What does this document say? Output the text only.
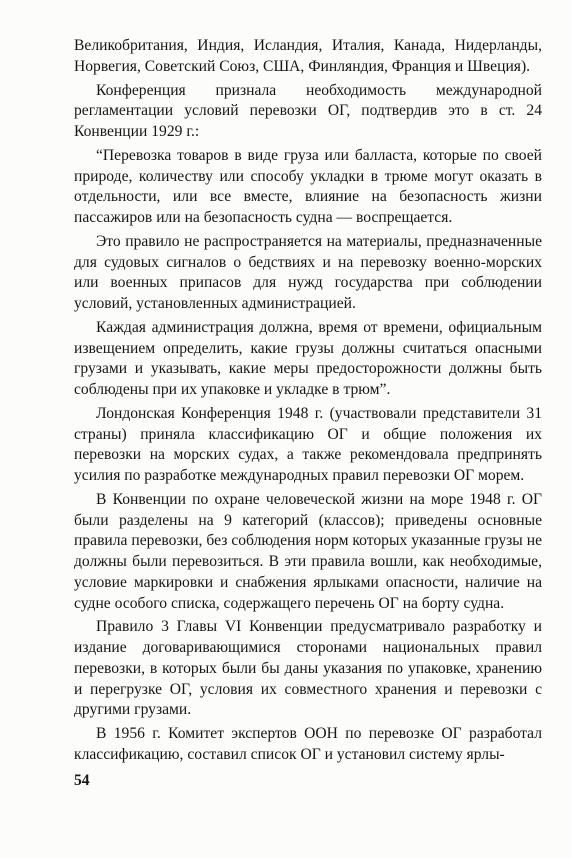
Великобритания, Индия, Исландия, Италия, Канада, Нидерланды, Норвегия, Советский Союз, США, Финляндия, Франция и Швеция).

Конференция признала необходимость международной регламентации условий перевозки ОГ, подтвердив это в ст. 24 Конвенции 1929 г.:

“Перевозка товаров в виде груза или балласта, которые по своей природе, количеству или способу укладки в трюме могут оказать в отдельности, или все вместе, влияние на безопасность жизни пассажиров или на безопасность судна — воспрещается.

Это правило не распространяется на материалы, предназначенные для судовых сигналов о бедствиях и на перевозку военно-морских или военных припасов для нужд государства при соблюдении условий, установленных администрацией.

Каждая администрация должна, время от времени, официальным извещением определить, какие грузы должны считаться опасными грузами и указывать, какие меры предосторожности должны быть соблюдены при их упаковке и укладке в трюм”.

Лондонская Конференция 1948 г. (участвовали представители 31 страны) приняла классификацию ОГ и общие положения их перевозки на морских судах, а также рекомендовала предпринять усилия по разработке международных правил перевозки ОГ морем.

В Конвенции по охране человеческой жизни на море 1948 г. ОГ были разделены на 9 категорий (классов); приведены основные правила перевозки, без соблюдения норм которых указанные грузы не должны были перевозиться. В эти правила вошли, как необходимые, условие маркировки и снабжения ярлыками опасности, наличие на судне особого списка, содержащего перечень ОГ на борту судна.

Правило 3 Главы VI Конвенции предусматривало разработку и издание договаривающимися сторонами национальных правил перевозки, в которых были бы даны указания по упаковке, хранению и перегрузке ОГ, условия их совместного хранения и перевозки с другими грузами.

В 1956 г. Комитет экспертов ООН по перевозке ОГ разработал классификацию, составил список ОГ и установил систему ярлы-

54
